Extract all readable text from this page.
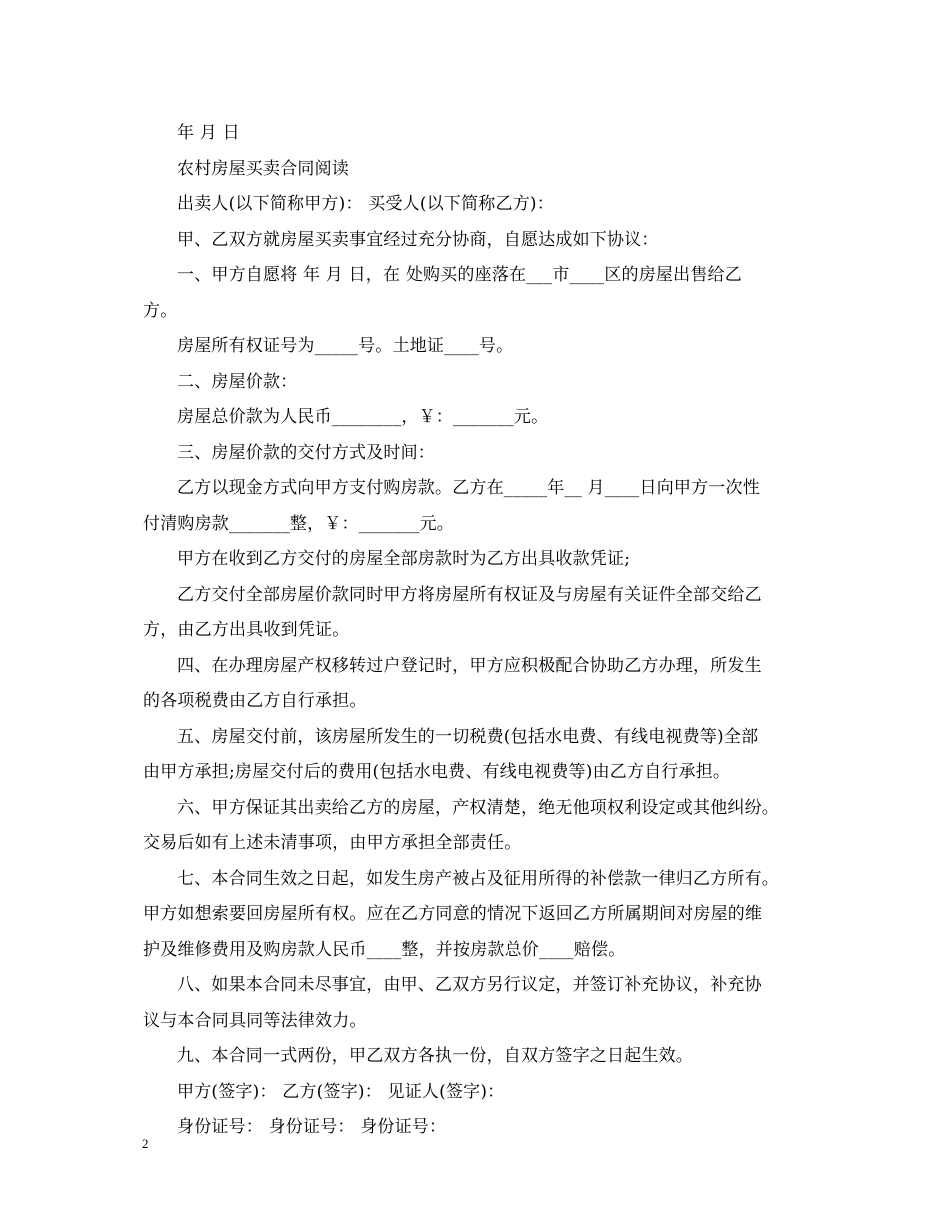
年 月 日
农村房屋买卖合同阅读
出卖人(以下简称甲方)： 买受人(以下简称乙方)：
甲、乙双方就房屋买卖事宜经过充分协商，自愿达成如下协议：
一、甲方自愿将 年 月 日，在 处购买的座落在___市____区的房屋出售给乙
方。
房屋所有权证号为_____号。土地证____号。
二、房屋价款：
房屋总价款为人民币________，￥：_______元。
三、房屋价款的交付方式及时间：
乙方以现金方式向甲方支付购房款。乙方在_____年__ 月____日向甲方一次性
付清购房款_______整，￥：_______元。
甲方在收到乙方交付的房屋全部房款时为乙方出具收款凭证;
乙方交付全部房屋价款同时甲方将房屋所有权证及与房屋有关证件全部交给乙
方，由乙方出具收到凭证。
四、在办理房屋产权移转过户登记时，甲方应积极配合协助乙方办理，所发生
的各项税费由乙方自行承担。
五、房屋交付前，该房屋所发生的一切税费(包括水电费、有线电视费等)全部
由甲方承担;房屋交付后的费用(包括水电费、有线电视费等)由乙方自行承担。
六、甲方保证其出卖给乙方的房屋，产权清楚，绝无他项权利设定或其他纠纷。
交易后如有上述未清事项，由甲方承担全部责任。
七、本合同生效之日起，如发生房产被占及征用所得的补偿款一律归乙方所有。
甲方如想索要回房屋所有权。应在乙方同意的情况下返回乙方所属期间对房屋的维
护及维修费用及购房款人民币____整，并按房款总价____赔偿。
八、如果本合同未尽事宜，由甲、乙双方另行议定，并签订补充协议，补充协
议与本合同具同等法律效力。
九、本合同一式两份，甲乙双方各执一份，自双方签字之日起生效。
甲方(签字)： 乙方(签字)： 见证人(签字)：
身份证号： 身份证号： 身份证号：
2
